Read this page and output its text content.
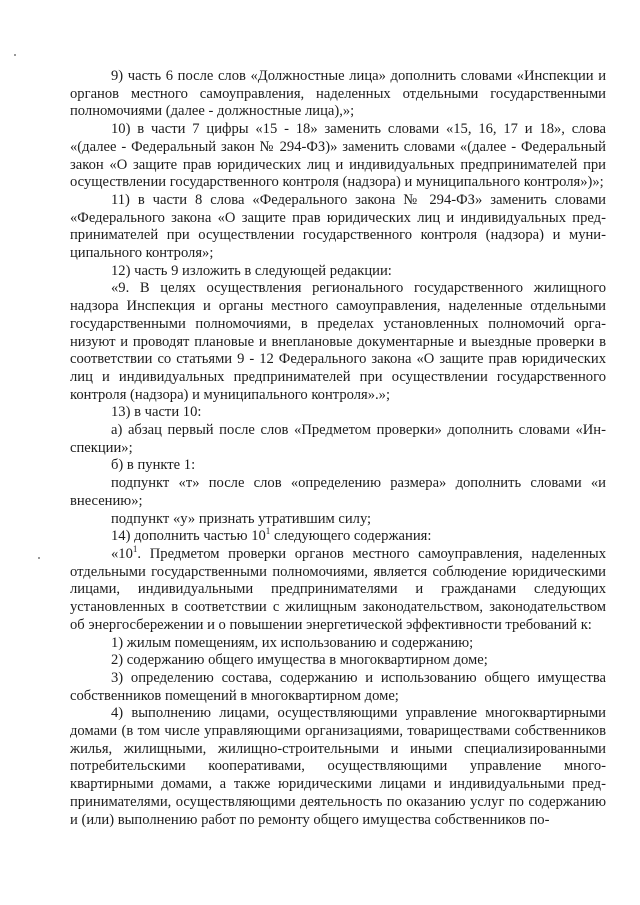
9) часть 6 после слов «Должностные лица» дополнить словами «Инспекции и органов местного самоуправления, наделенных отдельными государственными полномочиями (далее - должностные лица),»;

10) в части 7 цифры «15 - 18» заменить словами «15, 16, 17 и 18», слова «(далее - Федеральный закон № 294-ФЗ)» заменить словами «(далее - Федеральный закон «О защите прав юридических лиц и индивидуальных предпринимателей при осуществлении государственного контроля (надзора) и муниципального контроля»)»;

11) в части 8 слова «Федерального закона № 294-ФЗ» заменить словами «Федерального закона «О защите прав юридических лиц и индивидуальных предпринимателей при осуществлении государственного контроля (надзора) и муниципального контроля»;

12) часть 9 изложить в следующей редакции:

«9. В целях осуществления регионального государственного жилищного надзора Инспекция и органы местного самоуправления, наделенные отдельными государственными полномочиями, в пределах установленных полномочий организуют и проводят плановые и внеплановые документарные и выездные проверки в соответствии со статьями 9 - 12 Федерального закона «О защите прав юридических лиц и индивидуальных предпринимателей при осуществлении государственного контроля (надзора) и муниципального контроля».»;

13) в части 10:

а) абзац первый после слов «Предметом проверки» дополнить словами «Инспекции»;

б) в пункте 1:

подпункт «т» после слов «определению размера» дополнить словами «и внесению»;

подпункт «у» признать утратившим силу;

14) дополнить частью $10^1$ следующего содержания:

«$10^1$. Предметом проверки органов местного самоуправления, наделенных отдельными государственными полномочиями, является соблюдение юридическими лицами, индивидуальными предпринимателями и гражданами следующих установленных в соответствии с жилищным законодательством, законодательством об энергосбережении и о повышении энергетической эффективности требований к:

1) жилым помещениям, их использованию и содержанию;

2) содержанию общего имущества в многоквартирном доме;

3) определению состава, содержанию и использованию общего имущества собственников помещений в многоквартирном доме;

4) выполнению лицами, осуществляющими управление многоквартирными домами (в том числе управляющими организациями, товариществами собственников жилья, жилищными, жилищно-строительными и иными специализированными потребительскими кооперативами, осуществляющими управление многоквартирными домами, а также юридическими лицами и индивидуальными предпринимателями, осуществляющими деятельность по оказанию услуг по содержанию и (или) выполнению работ по ремонту общего имущества собственников по-
